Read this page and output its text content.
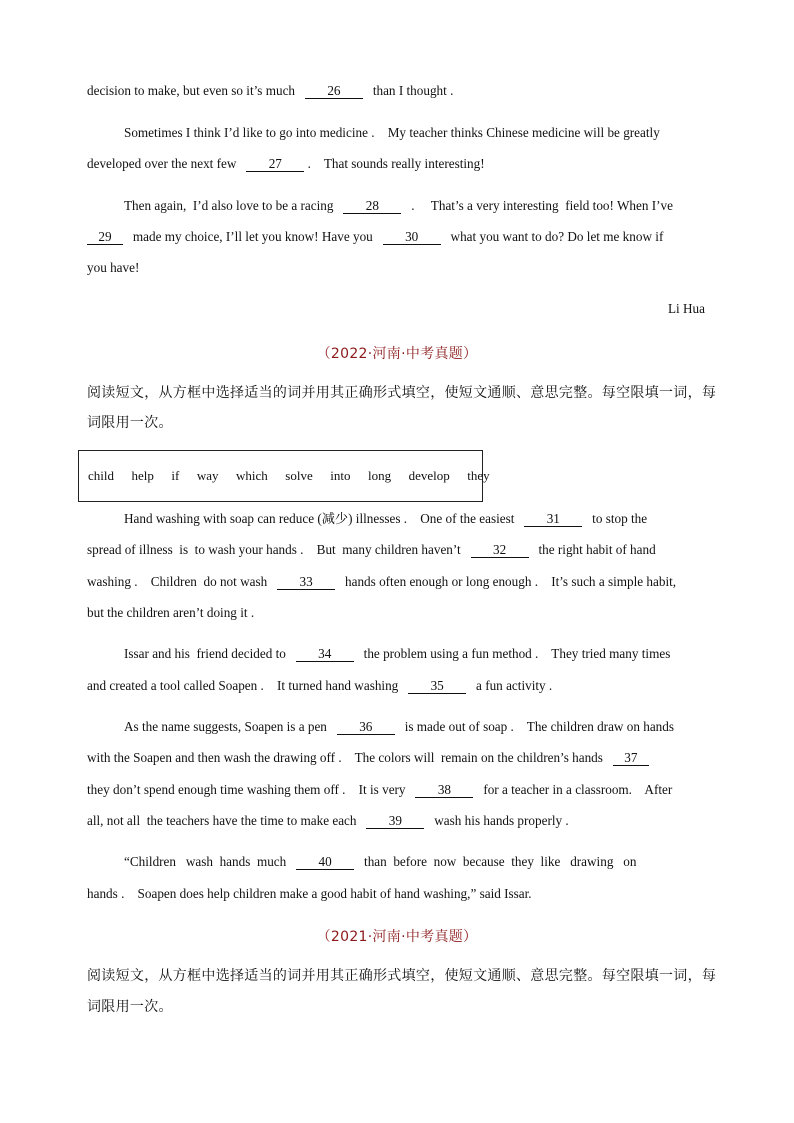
decision to make, but even so it’s much 26 than I thought .
Sometimes I think I’d like to go into medicine .    My teacher thinks Chinese medicine will be greatly
developed over the next few 27 .    That sounds really interesting!
Then again,  I’d also love to be a racing 28 .     That’s a very interesting  field too! When I’ve
29 made my choice, I’ll let you know! Have you 30 what you want to do? Do let me know if
you have!
Li Hua
（2022·河南·中考真题）
阅读短文，从方框中选择适当的词并用其正确形式填空，使短文通顺、意思完整。每空限填一词，每
词限用一次。
child help if way which solve into long develop they
Hand washing with soap can reduce (减少) illnesses .    One of the easiest 31 to stop the
spread of illness  is  to wash your hands .    But  many children haven’t 32 the right habit of hand
washing .    Children  do not wash 33 hands often enough or long enough .    It’s such a simple habit,
but the children aren’t doing it .
Issar and his  friend decided to 34 the problem using a fun method .    They tried many times
and created a tool called Soapen .    It turned hand washing 35 a fun activity .
As the name suggests, Soapen is a pen 36 is made out of soap .    The children draw on hands
with the Soapen and then wash the drawing off .    The colors will  remain on the children’s hands 37
they don’t spend enough time washing them off .    It is very 38 for a teacher in a classroom.    After
all, not all  the teachers have the time to make each 39 wash his hands properly .
“Children   wash  hands  much 40 than  before  now  because  they  like   drawing   on
hands .    Soapen does help children make a good habit of hand washing,” said Issar.
（2021·河南·中考真题）
阅读短文，从方框中选择适当的词并用其正确形式填空，使短文通顺、意思完整。每空限填一词，每
词限用一次。
